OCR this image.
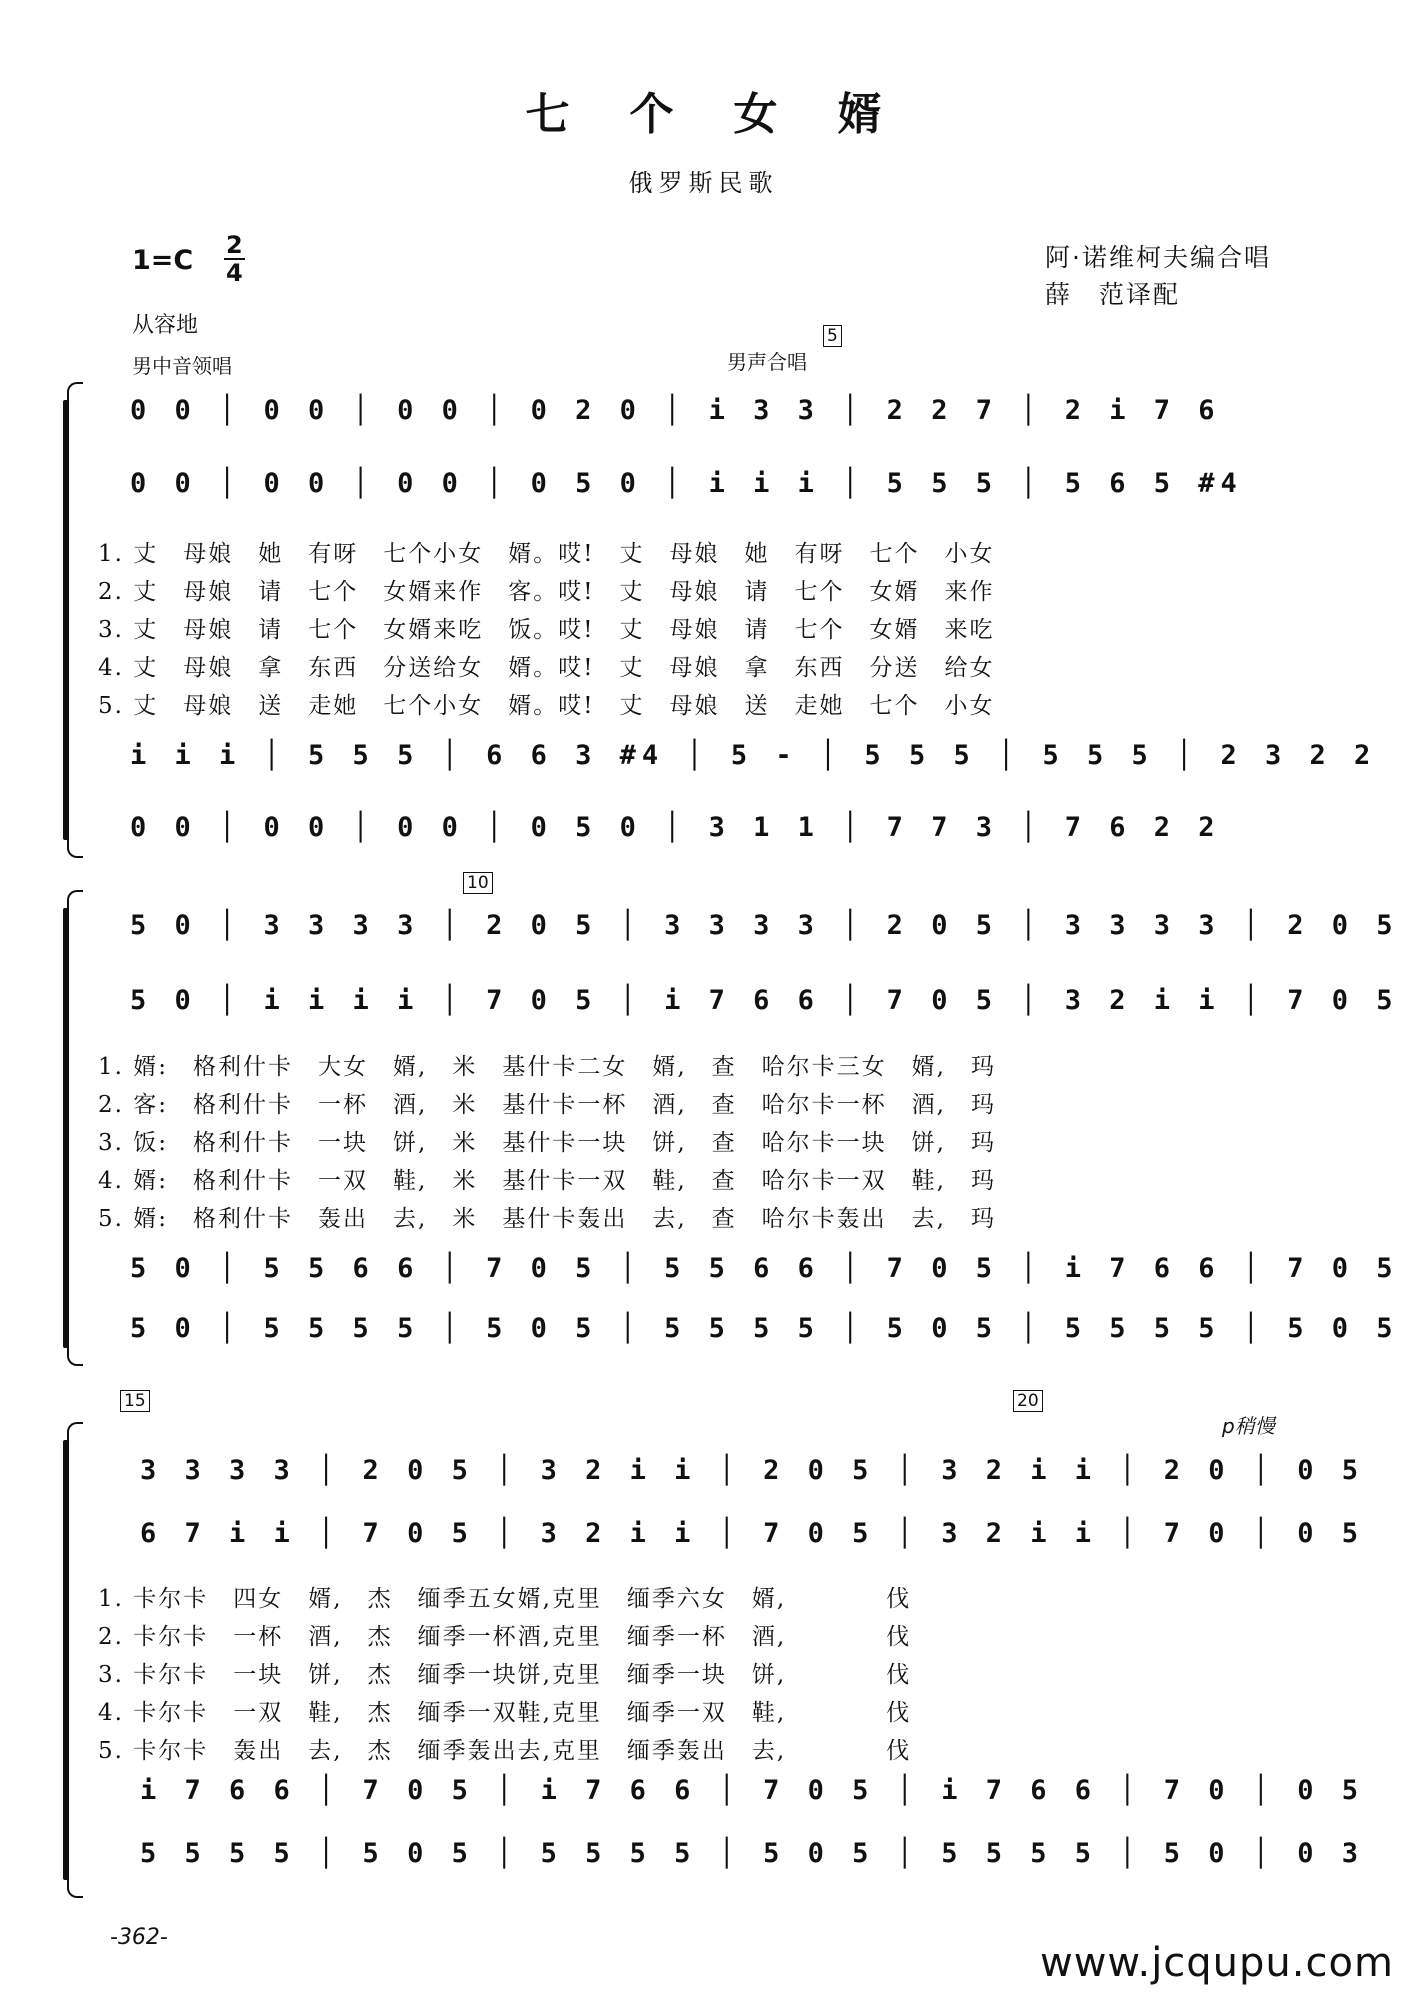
七个女婿
俄罗斯民歌
1=C 2
4
阿·诺维柯夫编合唱
薛　范译配
从容地
男中音领唱	男声合唱
5
0 0 │ 0 0 │ 0 0 │ 0 2 0 │ i 3 3 │ 2 2 7 │ 2 i 7 6
0 0 │ 0 0 │ 0 0 │ 0 5 0 │ i i i │ 5 5 5 │ 5 6 5 #4
1. 丈　母娘　她　有呀　七个小女　婿。哎!　丈　母娘　她　有呀　七个　小女
2. 丈　母娘　请　七个　女婿来作　客。哎!　丈　母娘　请　七个　女婿　来作
3. 丈　母娘　请　七个　女婿来吃　饭。哎!　丈　母娘　请　七个　女婿　来吃
4. 丈　母娘　拿　东西　分送给女　婿。哎!　丈　母娘　拿　东西　分送　给女
5. 丈　母娘　送　走她　七个小女　婿。哎!　丈　母娘　送　走她　七个　小女
i i i │ 5 5 5 │ 6 6 3 #4 │ 5 - │ 5 5 5 │ 5 5 5 │ 2 3 2 2
0 0 │ 0 0 │ 0 0 │ 0 5 0 │ 3 1 1 │ 7 7 3 │ 7 6 2 2
10
5 0 │ 3 3 3 3 │ 2 0 5 │ 3 3 3 3 │ 2 0 5 │ 3 3 3 3 │ 2 0 5
5 0 │ i i i i │ 7 0 5 │ i 7 6 6 │ 7 0 5 │ 3 2 i i │ 7 0 5
1. 婿:　格利什卡　大女　婿,　米　基什卡二女　婿,　查　哈尔卡三女　婿,　玛
2. 客:　格利什卡　一杯　酒,　米　基什卡一杯　酒,　查　哈尔卡一杯　酒,　玛
3. 饭:　格利什卡　一块　饼,　米　基什卡一块　饼,　查　哈尔卡一块　饼,　玛
4. 婿:　格利什卡　一双　鞋,　米　基什卡一双　鞋,　查　哈尔卡一双　鞋,　玛
5. 婿:　格利什卡　轰出　去,　米　基什卡轰出　去,　查　哈尔卡轰出　去,　玛
5 0 │ 5 5 6 6 │ 7 0 5 │ 5 5 6 6 │ 7 0 5 │ i 7 6 6 │ 7 0 5
5 0 │ 5 5 5 5 │ 5 0 5 │ 5 5 5 5 │ 5 0 5 │ 5 5 5 5 │ 5 0 5
15	20
p稍慢
3 3 3 3 │ 2 0 5 │ 3 2 i i │ 2 0 5 │ 3 2 i i │ 2 0 │ 0 5
6 7 i i │ 7 0 5 │ 3 2 i i │ 7 0 5 │ 3 2 i i │ 7 0 │ 0 5
1. 卡尔卡　四女　婿,　杰　缅季五女婿,克里　缅季六女　婿,　　　　伐
2. 卡尔卡　一杯　酒,　杰　缅季一杯酒,克里　缅季一杯　酒,　　　　伐
3. 卡尔卡　一块　饼,　杰　缅季一块饼,克里　缅季一块　饼,　　　　伐
4. 卡尔卡　一双　鞋,　杰　缅季一双鞋,克里　缅季一双　鞋,　　　　伐
5. 卡尔卡　轰出　去,　杰　缅季轰出去,克里　缅季轰出　去,　　　　伐
i 7 6 6 │ 7 0 5 │ i 7 6 6 │ 7 0 5 │ i 7 6 6 │ 7 0 │ 0 5
5 5 5 5 │ 5 0 5 │ 5 5 5 5 │ 5 0 5 │ 5 5 5 5 │ 5 0 │ 0 3
-362-
www.jcqupu.com
